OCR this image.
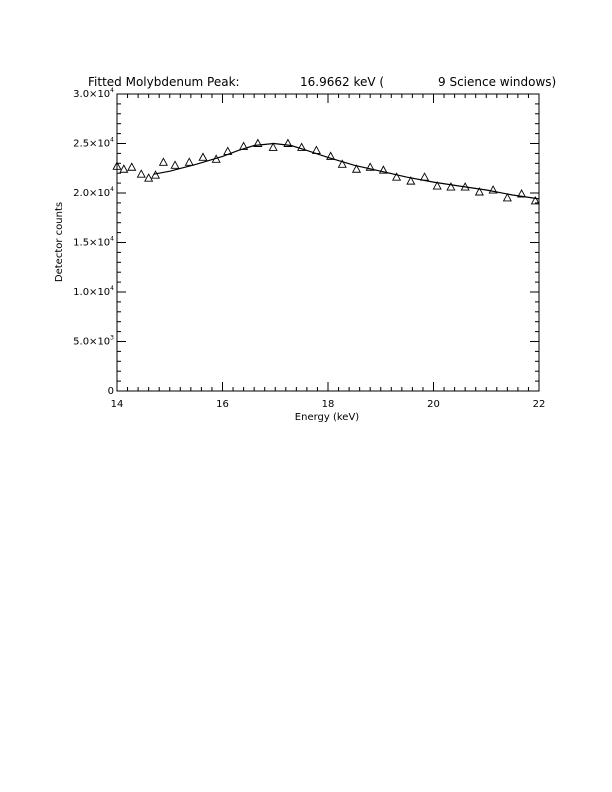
Fitted Molybdenum Peak:	16.9662 keV (	9 Science windows)
14	16	18	20	22
0
$5.0\times 10^3$
$1.0\times 10^4$
$1.5\times 10^4$
$2.0\times 10^4$
$2.5\times 10^4$
$3.0\times 10^4$
Energy (keV)
Detector counts
